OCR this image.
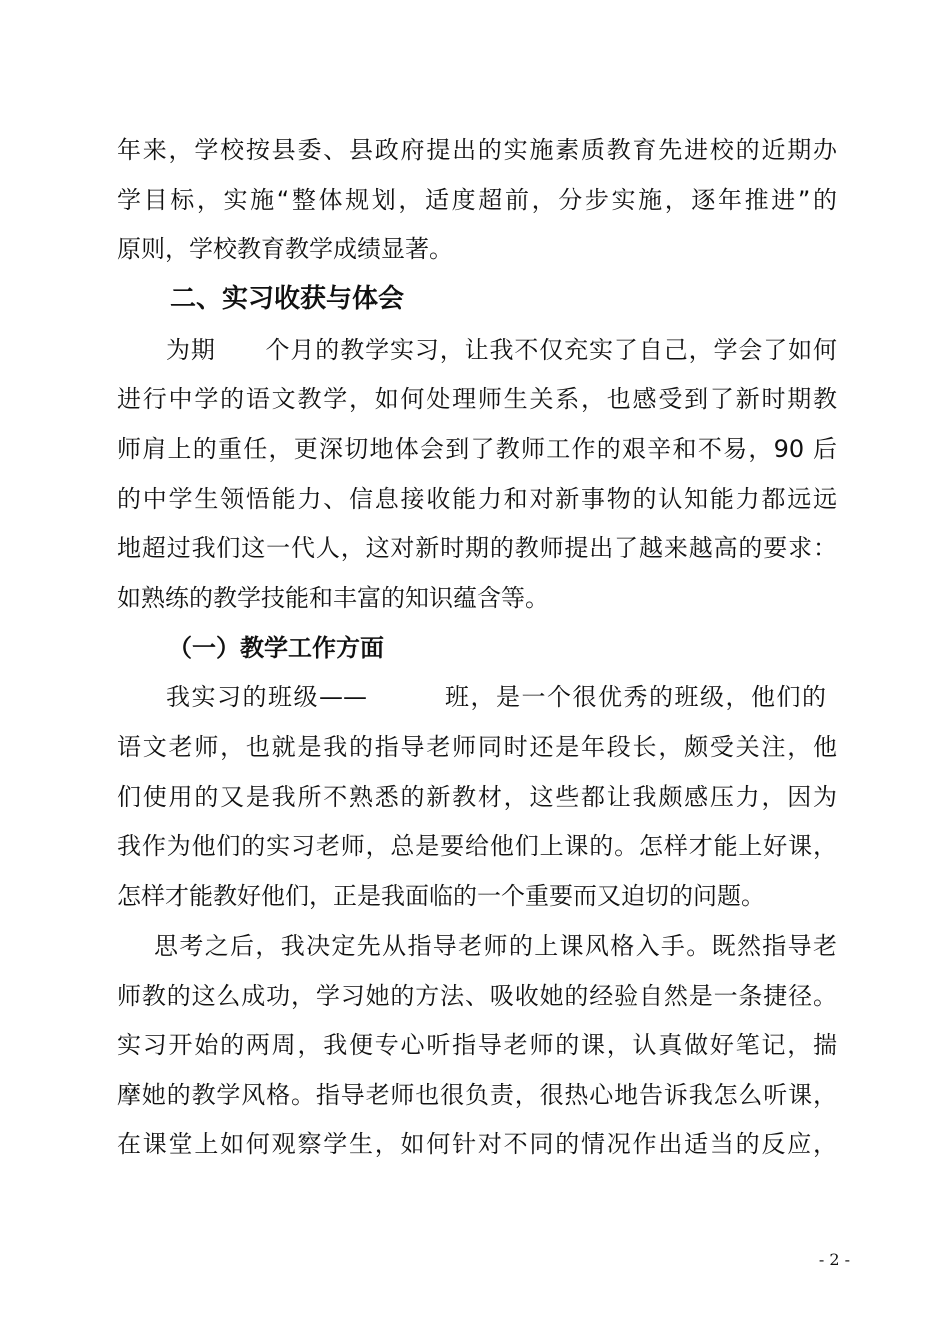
年来，学校按县委、县政府提出的实施素质教育先进校的近期办
学目标，实施“整体规划，适度超前，分步实施，逐年推进”的
原则，学校教育教学成绩显著。
二、实习收获与体会
为期　　个月的教学实习，让我不仅充实了自己，学会了如何
进行中学的语文教学，如何处理师生关系，也感受到了新时期教
师肩上的重任，更深切地体会到了教师工作的艰辛和不易，90 后
的中学生领悟能力、信息接收能力和对新事物的认知能力都远远
地超过我们这一代人，这对新时期的教师提出了越来越高的要求：
如熟练的教学技能和丰富的知识蕴含等。
（一）教学工作方面
我实习的班级——　　　班，是一个很优秀的班级，他们的
语文老师，也就是我的指导老师同时还是年段长，颇受关注，他
们使用的又是我所不熟悉的新教材，这些都让我颇感压力，因为
我作为他们的实习老师，总是要给他们上课的。怎样才能上好课，
怎样才能教好他们，正是我面临的一个重要而又迫切的问题。
思考之后，我决定先从指导老师的上课风格入手。既然指导老
师教的这么成功，学习她的方法、吸收她的经验自然是一条捷径。
实习开始的两周，我便专心听指导老师的课，认真做好笔记，揣
摩她的教学风格。指导老师也很负责，很热心地告诉我怎么听课，
在课堂上如何观察学生，如何针对不同的情况作出适当的反应，
- 2 -
